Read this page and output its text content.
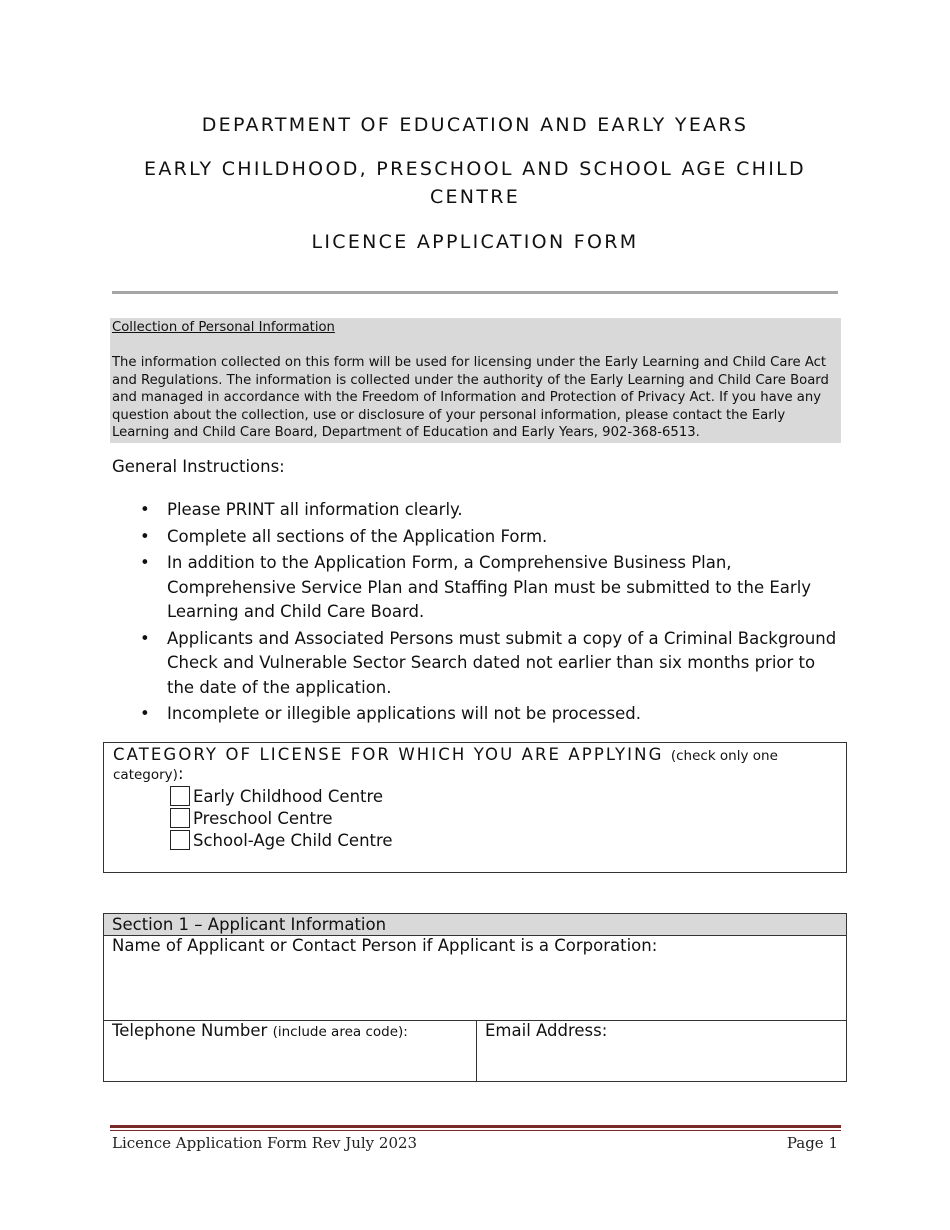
DEPARTMENT OF EDUCATION AND EARLY YEARS
EARLY CHILDHOOD, PRESCHOOL AND SCHOOL AGE CHILD CENTRE
LICENCE APPLICATION FORM
Collection of Personal Information
The information collected on this form will be used for licensing under the Early Learning and Child Care Act and Regulations. The information is collected under the authority of the Early Learning and Child Care Board and managed in accordance with the Freedom of Information and Protection of Privacy Act. If you have any question about the collection, use or disclosure of your personal information, please contact the Early Learning and Child Care Board, Department of Education and Early Years, 902-368-6513.
General Instructions:
• Please PRINT all information clearly.
• Complete all sections of the Application Form.
• In addition to the Application Form, a Comprehensive Business Plan, Comprehensive Service Plan and Staffing Plan must be submitted to the Early Learning and Child Care Board.
• Applicants and Associated Persons must submit a copy of a Criminal Background Check and Vulnerable Sector Search dated not earlier than six months prior to the date of the application.
• Incomplete or illegible applications will not be processed.
CATEGORY OF LICENSE FOR WHICH YOU ARE APPLYING (check only one category):
Early Childhood Centre
Preschool Centre
School-Age Child Centre
Section 1 – Applicant Information
Name of Applicant or Contact Person if Applicant is a Corporation:
Telephone Number (include area code):	Email Address:
Licence Application Form Rev July 2023	Page 1
